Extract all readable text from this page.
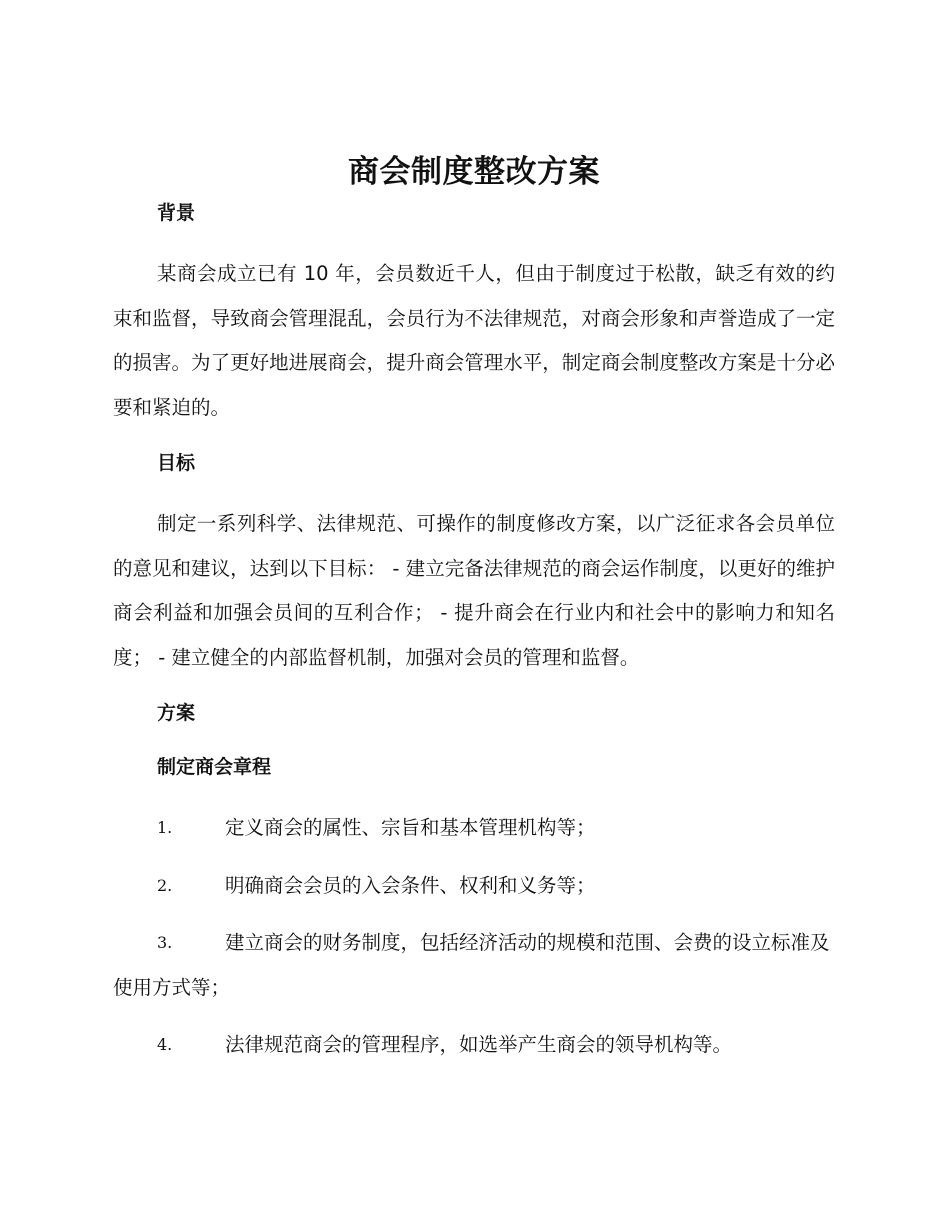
商会制度整改方案
背景

某商会成立已有 10 年，会员数近千人，但由于制度过于松散，缺乏有效的约束和监督，导致商会管理混乱，会员行为不法律规范，对商会形象和声誉造成了一定的损害。为了更好地进展商会，提升商会管理水平，制定商会制度整改方案是十分必要和紧迫的。

目标

制定一系列科学、法律规范、可操作的制度修改方案，以广泛征求各会员单位的意见和建议，达到以下目标： - 建立完备法律规范的商会运作制度，以更好的维护商会利益和加强会员间的互利合作； - 提升商会在行业内和社会中的影响力和知名度； - 建立健全的内部监督机制，加强对会员的管理和监督。

方案
制定商会章程
1.	定义商会的属性、宗旨和基本管理机构等；
2.	明确商会会员的入会条件、权利和义务等；
3.	建立商会的财务制度，包括经济活动的规模和范围、会费的设立标准及使用方式等；
4.	法律规范商会的管理程序，如选举产生商会的领导机构等。
